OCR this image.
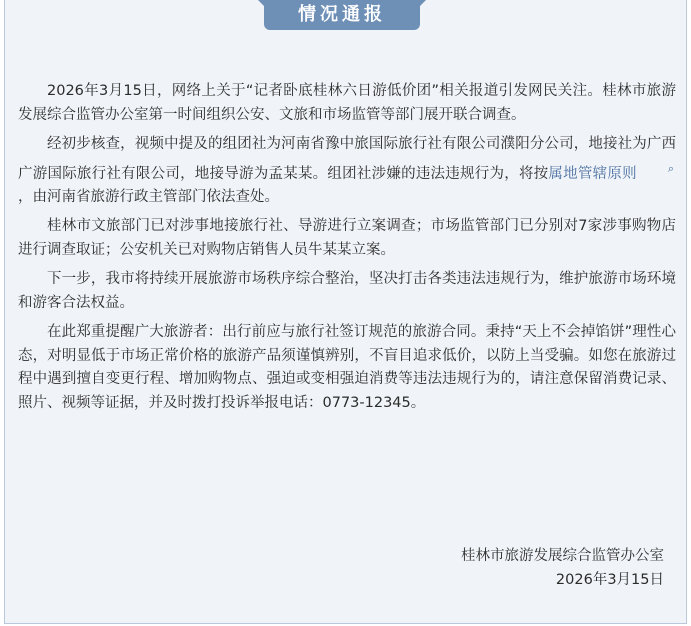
情况通报

2026年3月15日，网络上关于“记者卧底桂林六日游低价团”相关报道引发网民关注。桂林市旅游发展综合监管办公室第一时间组织公安、文旅和市场监管等部门展开联合调查。

经初步核查，视频中提及的组团社为河南省豫中旅国际旅行社有限公司濮阳分公司，地接社为广西广游国际旅行社有限公司，地接导游为孟某某。组团社涉嫌的违法违规行为，将按属地管辖原则	⌕，由河南省旅游行政主管部门依法查处。

桂林市文旅部门已对涉事地接旅行社、导游进行立案调查；市场监管部门已分别对7家涉事购物店进行调查取证；公安机关已对购物店销售人员牛某某立案。

下一步，我市将持续开展旅游市场秩序综合整治，坚决打击各类违法违规行为，维护旅游市场环境和游客合法权益。

在此郑重提醒广大旅游者：出行前应与旅行社签订规范的旅游合同。秉持“天上不会掉馅饼”理性心态，对明显低于市场正常价格的旅游产品须谨慎辨别，不盲目追求低价，以防上当受骗。如您在旅游过程中遇到擅自变更行程、增加购物点、强迫或变相强迫消费等违法违规行为的，请注意保留消费记录、照片、视频等证据，并及时拨打投诉举报电话：0773-12345。

桂林市旅游发展综合监管办公室
2026年3月15日
